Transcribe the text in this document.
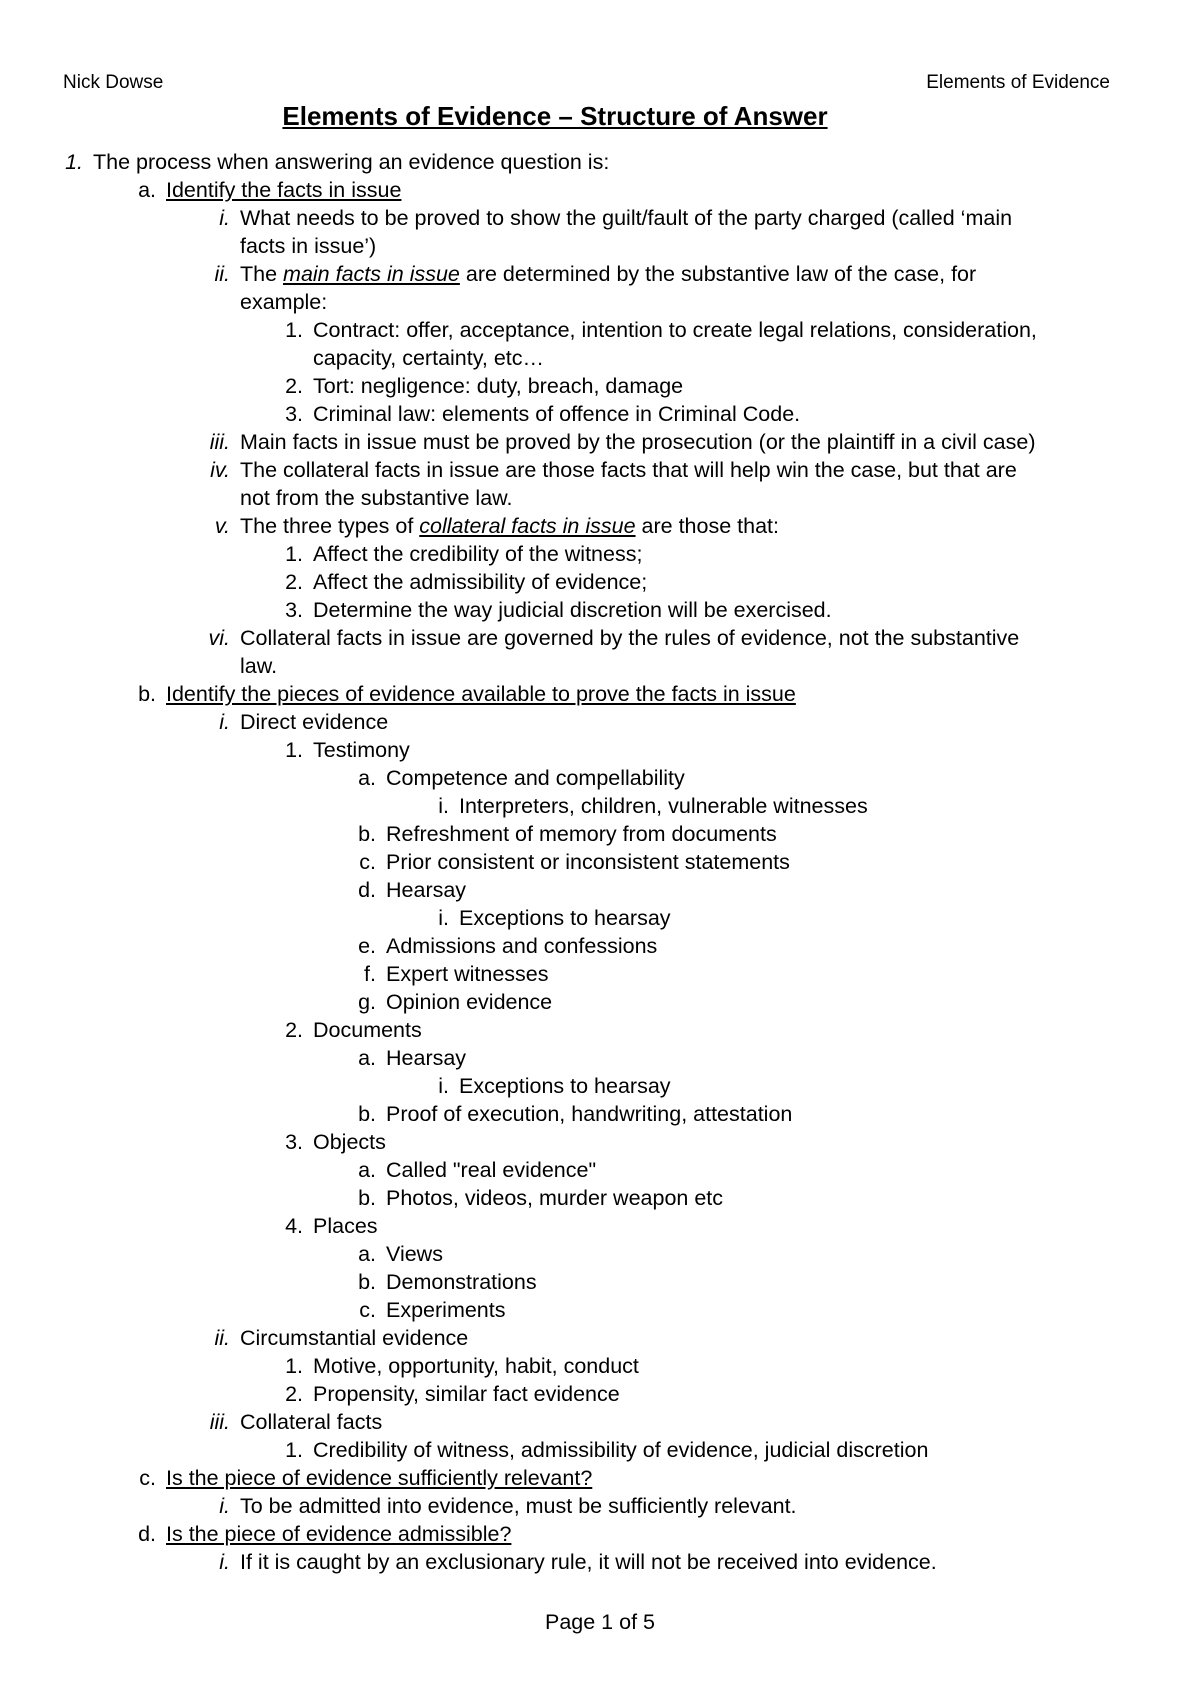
Nick Dowse	Elements of Evidence
Elements of Evidence – Structure of Answer
1. The process when answering an evidence question is:
a. Identify the facts in issue
i. What needs to be proved to show the guilt/fault of the party charged (called ‘main
facts in issue’)
ii. The main facts in issue are determined by the substantive law of the case, for
example:
1. Contract: offer, acceptance, intention to create legal relations, consideration,
capacity, certainty, etc…
2. Tort: negligence: duty, breach, damage
3. Criminal law: elements of offence in Criminal Code.
iii. Main facts in issue must be proved by the prosecution (or the plaintiff in a civil case)
iv. The collateral facts in issue are those facts that will help win the case, but that are
not from the substantive law.
v. The three types of collateral facts in issue are those that:
1. Affect the credibility of the witness;
2. Affect the admissibility of evidence;
3. Determine the way judicial discretion will be exercised.
vi. Collateral facts in issue are governed by the rules of evidence, not the substantive
law.
b. Identify the pieces of evidence available to prove the facts in issue
i. Direct evidence
1. Testimony
a. Competence and compellability
i. Interpreters, children, vulnerable witnesses
b. Refreshment of memory from documents
c. Prior consistent or inconsistent statements
d. Hearsay
i. Exceptions to hearsay
e. Admissions and confessions
f. Expert witnesses
g. Opinion evidence
2. Documents
a. Hearsay
i. Exceptions to hearsay
b. Proof of execution, handwriting, attestation
3. Objects
a. Called "real evidence"
b. Photos, videos, murder weapon etc
4. Places
a. Views
b. Demonstrations
c. Experiments
ii. Circumstantial evidence
1. Motive, opportunity, habit, conduct
2. Propensity, similar fact evidence
iii. Collateral facts
1. Credibility of witness, admissibility of evidence, judicial discretion
c. Is the piece of evidence sufficiently relevant?
i. To be admitted into evidence, must be sufficiently relevant.
d. Is the piece of evidence admissible?
i. If it is caught by an exclusionary rule, it will not be received into evidence.
Page 1 of 5
